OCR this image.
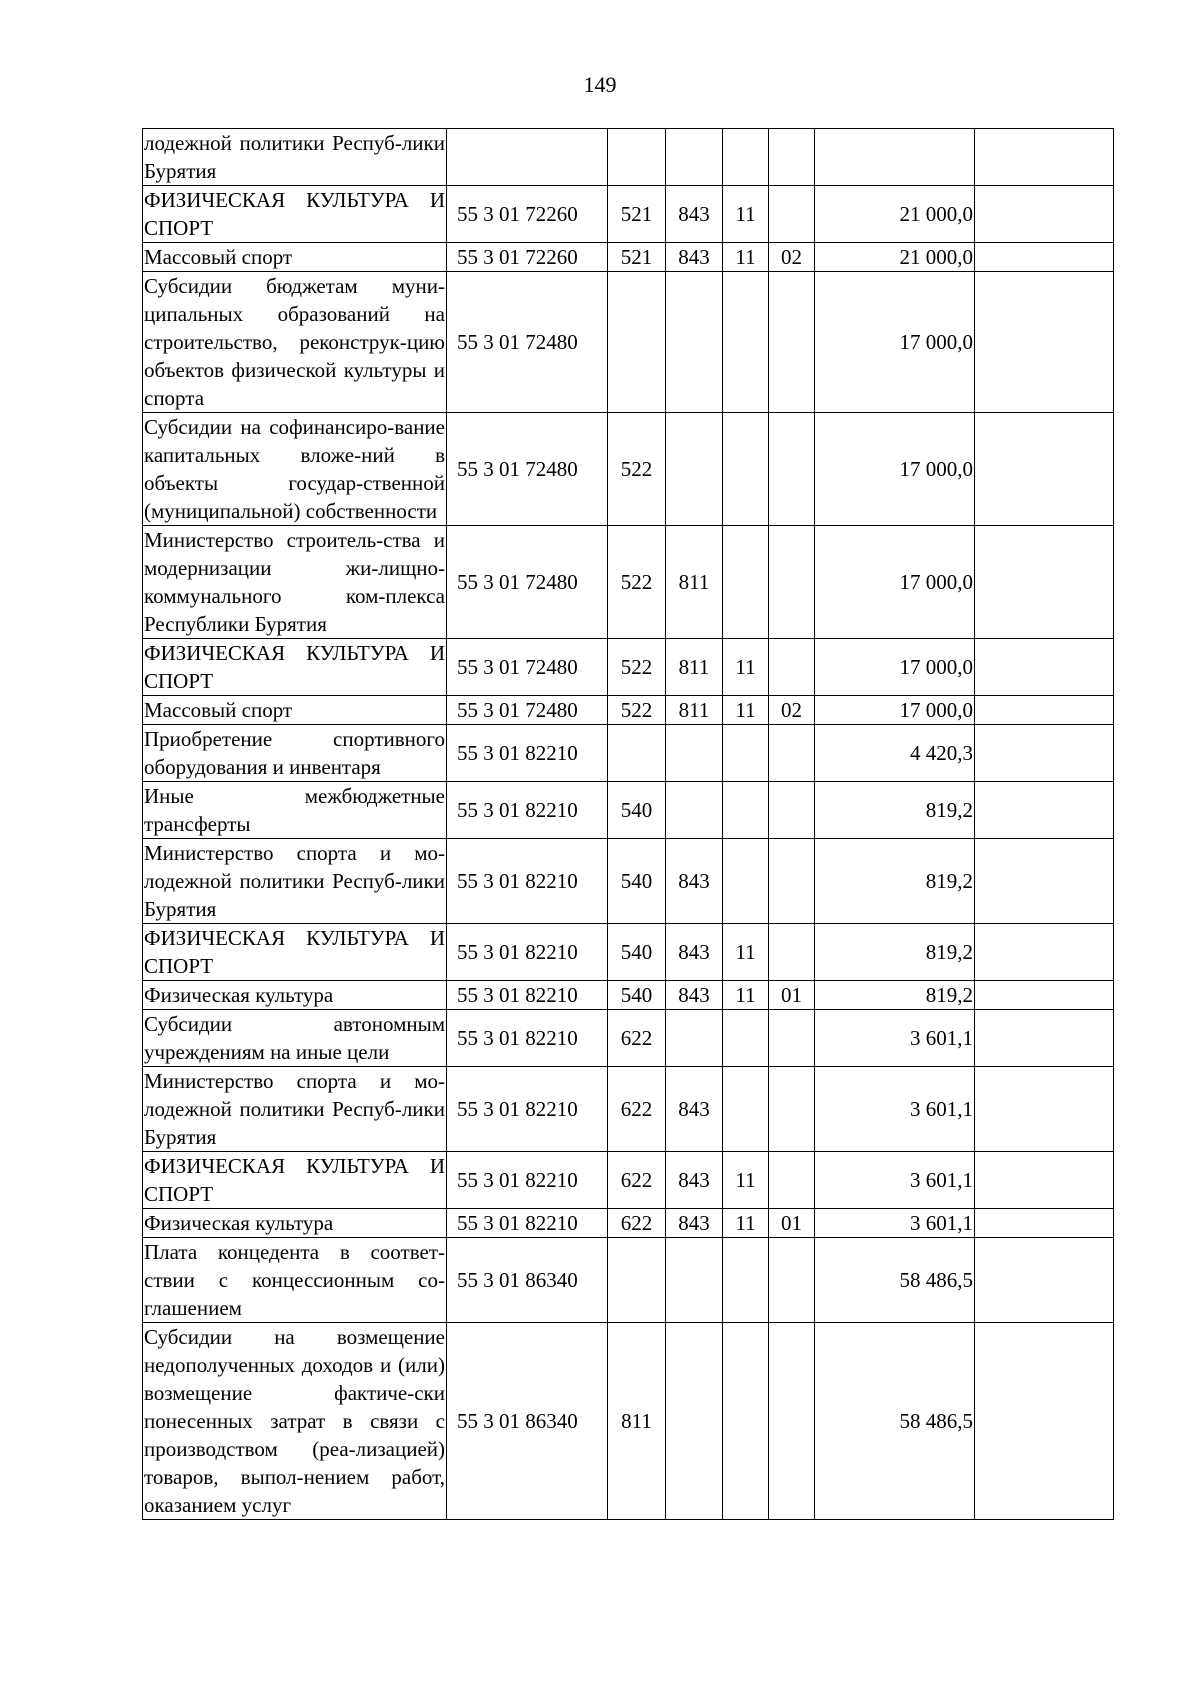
149
лодежной политики Респуб-лики Бурятия							
ФИЗИЧЕСКАЯ КУЛЬТУРА И СПОРТ	55 3 01 72260	521	843	11		21 000,0	
Массовый спорт	55 3 01 72260	521	843	11	02	21 000,0	
Субсидии бюджетам муни-ципальных образований на строительство, реконструк-цию объектов физической культуры и спорта	55 3 01 72480					17 000,0	
Субсидии на софинансиро-вание капитальных вложе-ний в объекты государ-ственной (муниципальной) собственности	55 3 01 72480	522				17 000,0	
Министерство строитель-ства и модернизации жи-лищно-коммунального ком-плекса Республики Бурятия	55 3 01 72480	522	811			17 000,0	
ФИЗИЧЕСКАЯ КУЛЬТУРА И СПОРТ	55 3 01 72480	522	811	11		17 000,0	
Массовый спорт	55 3 01 72480	522	811	11	02	17 000,0	
Приобретение спортивного оборудования и инвентаря	55 3 01 82210					4 420,3	
Иные межбюджетные трансферты	55 3 01 82210	540				819,2	
Министерство спорта и мо-лодежной политики Респуб-лики Бурятия	55 3 01 82210	540	843			819,2	
ФИЗИЧЕСКАЯ КУЛЬТУРА И СПОРТ	55 3 01 82210	540	843	11		819,2	
Физическая культура	55 3 01 82210	540	843	11	01	819,2	
Субсидии автономным учреждениям на иные цели	55 3 01 82210	622				3 601,1	
Министерство спорта и мо-лодежной политики Респуб-лики Бурятия	55 3 01 82210	622	843			3 601,1	
ФИЗИЧЕСКАЯ КУЛЬТУРА И СПОРТ	55 3 01 82210	622	843	11		3 601,1	
Физическая культура	55 3 01 82210	622	843	11	01	3 601,1	
Плата концедента в соответ-ствии с концессионным со-глашением	55 3 01 86340					58 486,5	
Субсидии на возмещение недополученных доходов и (или) возмещение фактиче-ски понесенных затрат в связи с производством (реа-лизацией) товаров, выпол-нением работ, оказанием услуг	55 3 01 86340	811				58 486,5	
